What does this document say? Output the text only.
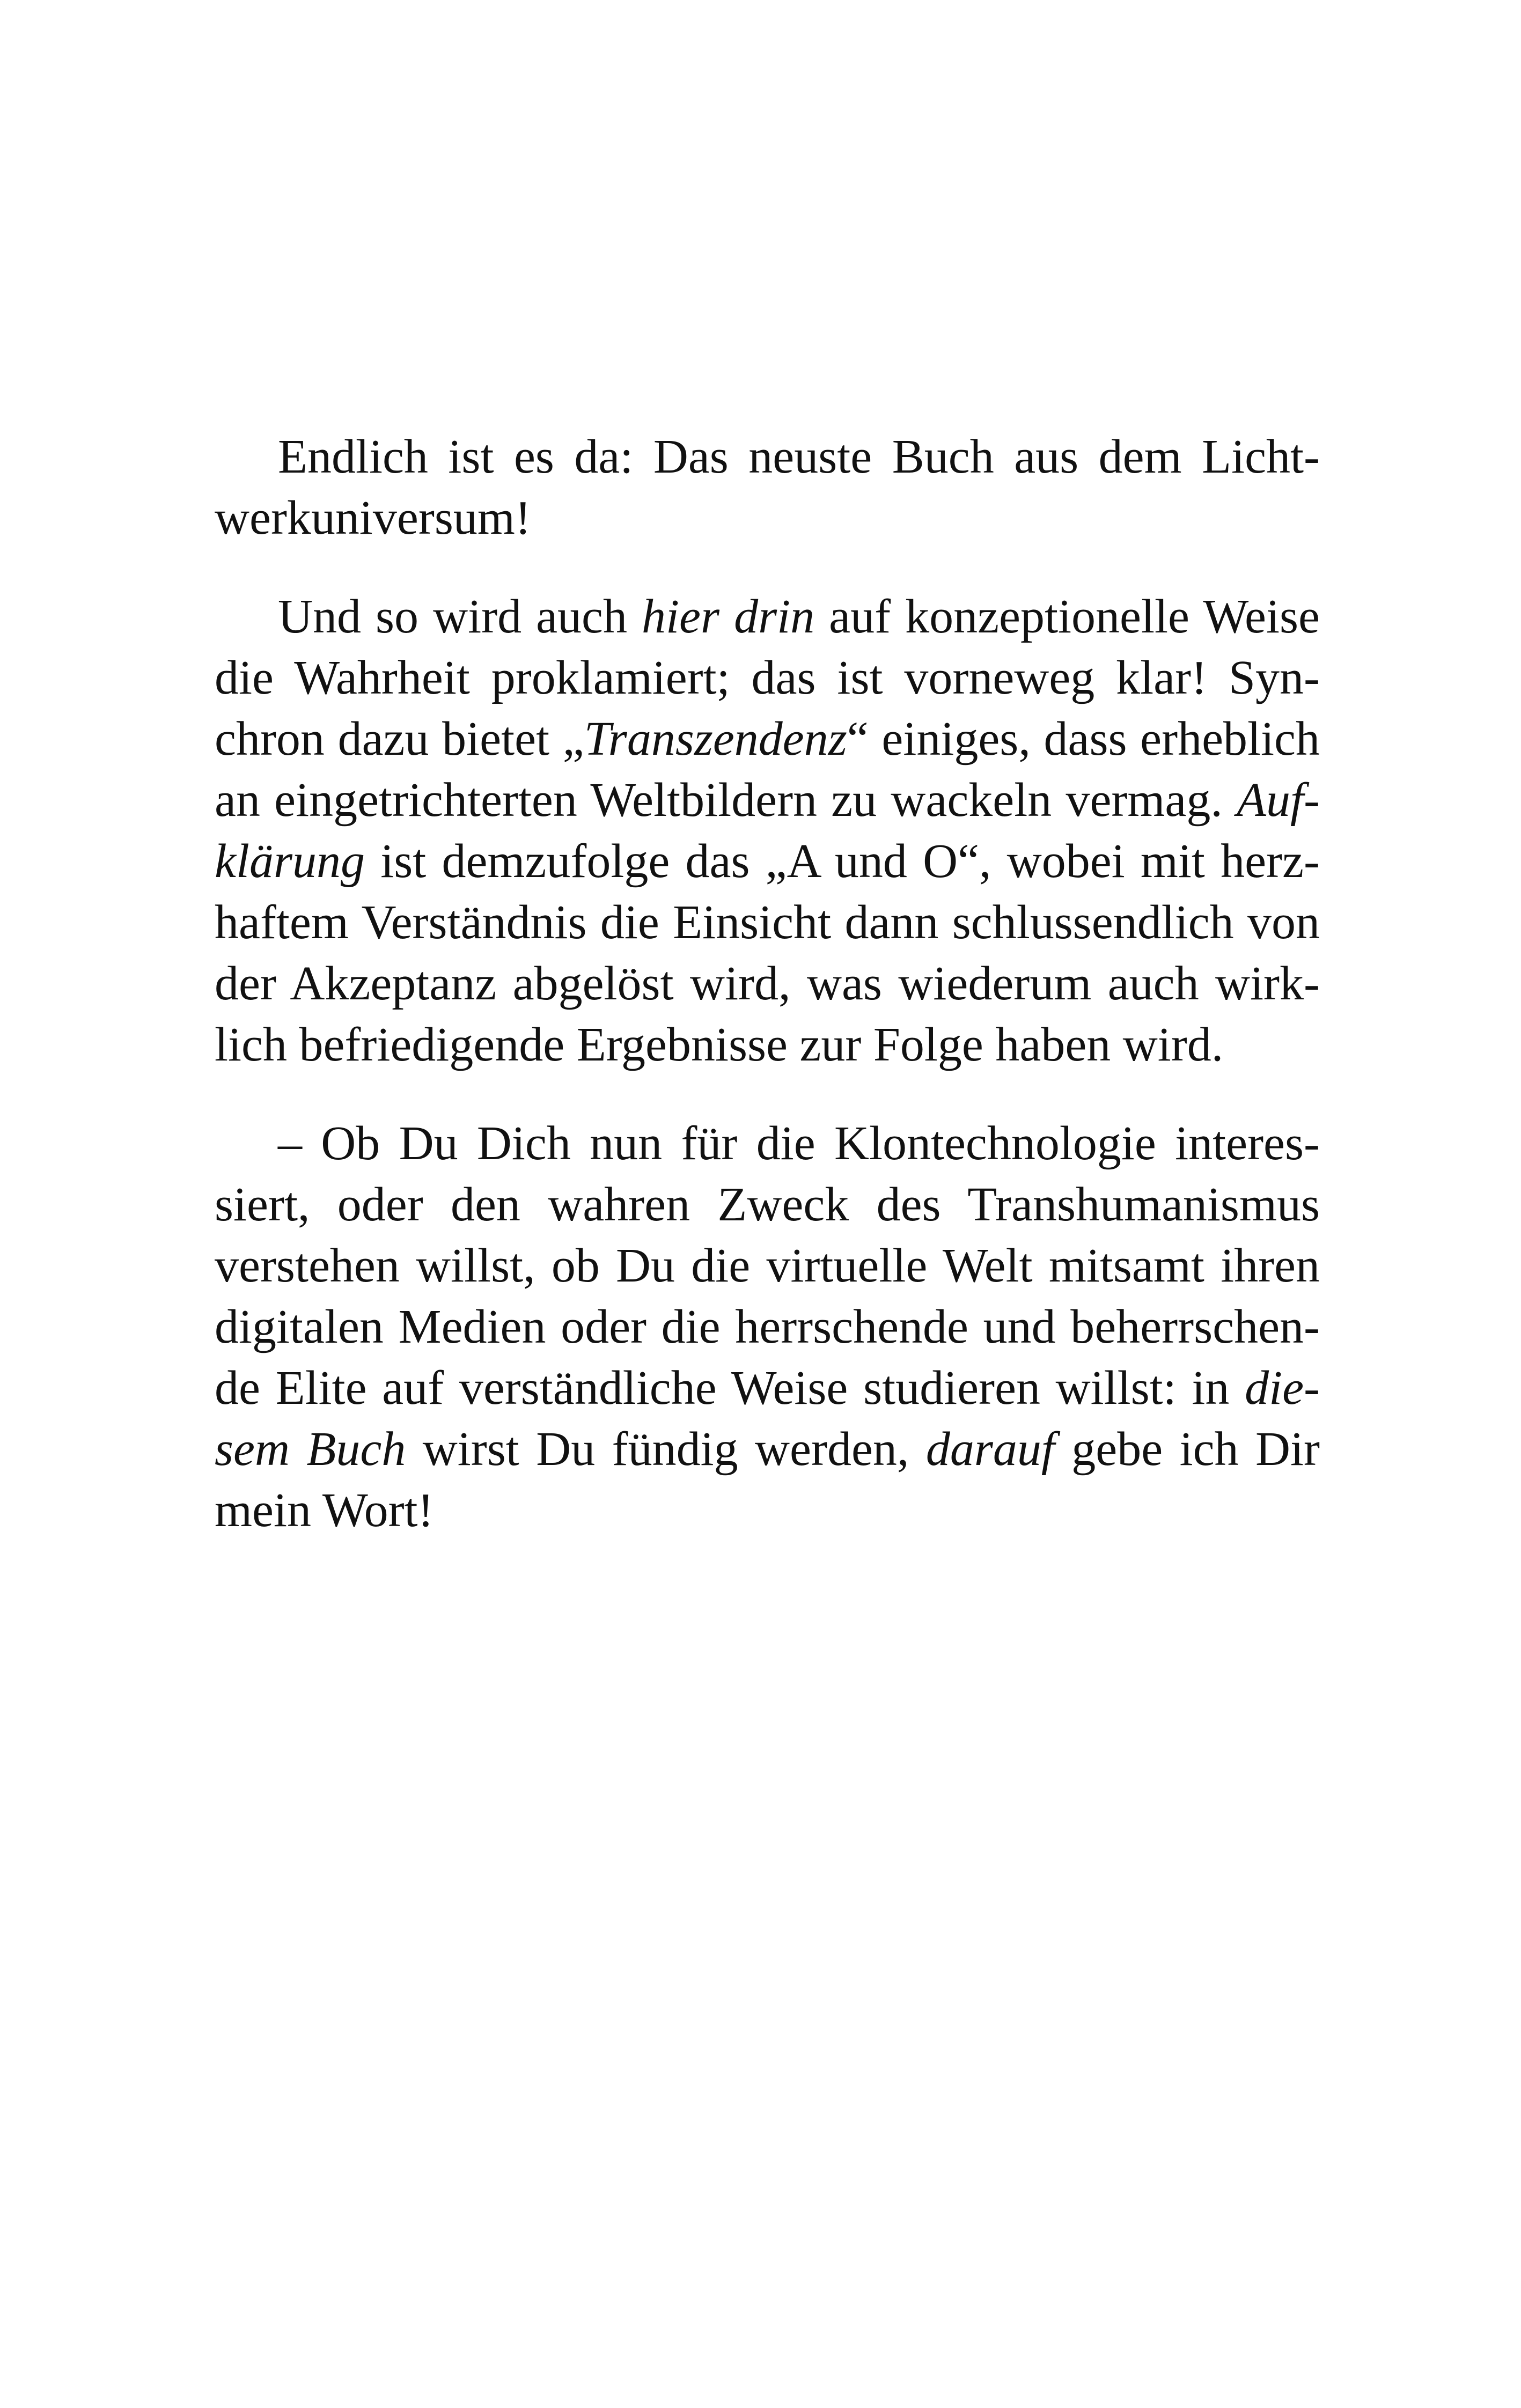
Endlich ist es da: Das neuste Buch aus dem Licht-
werkuniversum!
Und so wird auch hier drin auf konzeptionelle Weise
die Wahrheit proklamiert; das ist vorneweg klar! Syn-
chron dazu bietet „Transzendenz“ einiges, dass erheblich
an eingetrichterten Weltbildern zu wackeln vermag. Auf-
klärung ist demzufolge das „A und O“, wobei mit herz-
haftem Verständnis die Einsicht dann schlussendlich von
der Akzeptanz abgelöst wird, was wiederum auch wirk-
lich befriedigende Ergebnisse zur Folge haben wird.
– Ob Du Dich nun für die Klontechnologie interes-
siert, oder den wahren Zweck des Transhumanismus
verstehen willst, ob Du die virtuelle Welt mitsamt ihren
digitalen Medien oder die herrschende und beherrschen-
de Elite auf verständliche Weise studieren willst: in die-
sem Buch wirst Du fündig werden, darauf gebe ich Dir
mein Wort!
